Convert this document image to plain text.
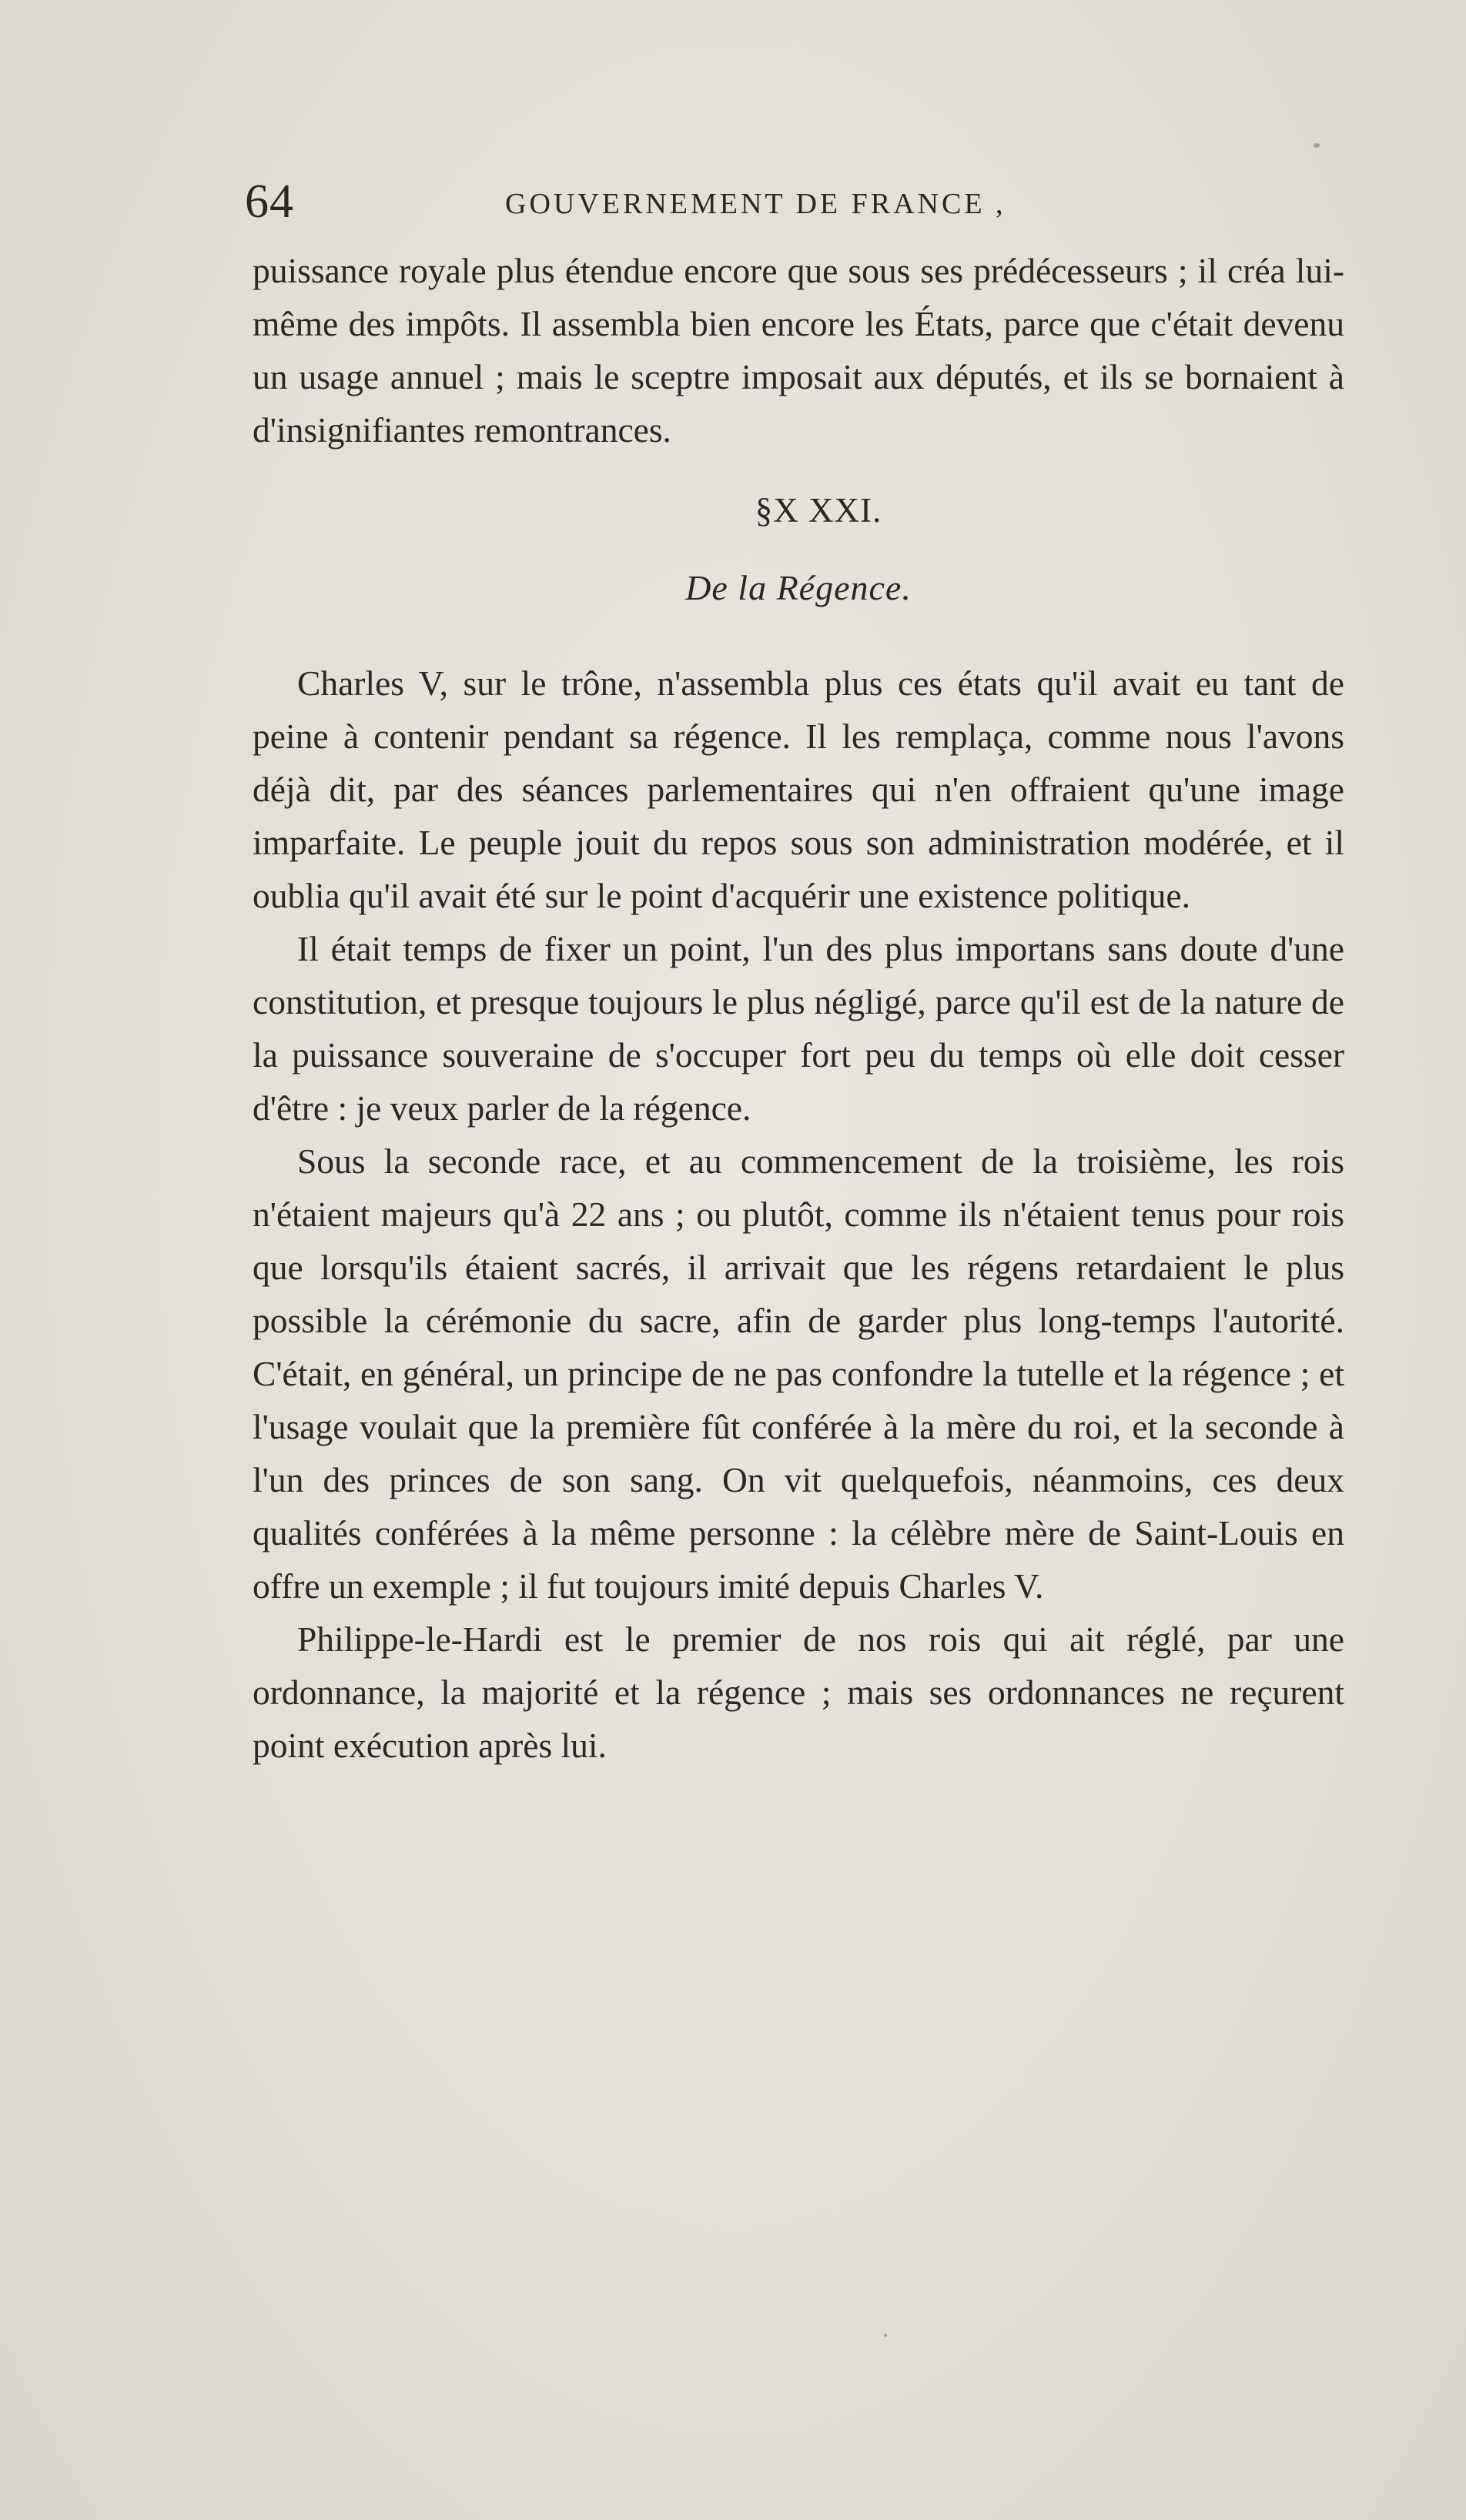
64	GOUVERNEMENT DE FRANCE ,

puissance royale plus étendue encore que sous ses prédécesseurs ; il créa lui-même des impôts. Il assembla bien encore les États, parce que c'était devenu un usage annuel ; mais le sceptre imposait aux députés, et ils se bornaient à d'insignifiantes remontrances.

§X XXI.

De la Régence.

Charles V, sur le trône, n'assembla plus ces états qu'il avait eu tant de peine à contenir pendant sa régence. Il les remplaça, comme nous l'avons déjà dit, par des séances parlementaires qui n'en offraient qu'une image imparfaite. Le peuple jouit du repos sous son administration modérée, et il oublia qu'il avait été sur le point d'acquérir une existence politique.

Il était temps de fixer un point, l'un des plus importans sans doute d'une constitution, et presque toujours le plus négligé, parce qu'il est de la nature de la puissance souveraine de s'occuper fort peu du temps où elle doit cesser d'être : je veux parler de la régence.

Sous la seconde race, et au commencement de la troisième, les rois n'étaient majeurs qu'à 22 ans ; ou plutôt, comme ils n'étaient tenus pour rois que lorsqu'ils étaient sacrés, il arrivait que les régens retardaient le plus possible la cérémonie du sacre, afin de garder plus long-temps l'autorité. C'était, en général, un principe de ne pas confondre la tutelle et la régence ; et l'usage voulait que la première fût conférée à la mère du roi, et la seconde à l'un des princes de son sang. On vit quelquefois, néanmoins, ces deux qualités conférées à la même personne : la célèbre mère de Saint-Louis en offre un exemple ; il fut toujours imité depuis Charles V.

Philippe-le-Hardi est le premier de nos rois qui ait réglé, par une ordonnance, la majorité et la régence ; mais ses ordonnances ne reçurent point exécution après lui.
